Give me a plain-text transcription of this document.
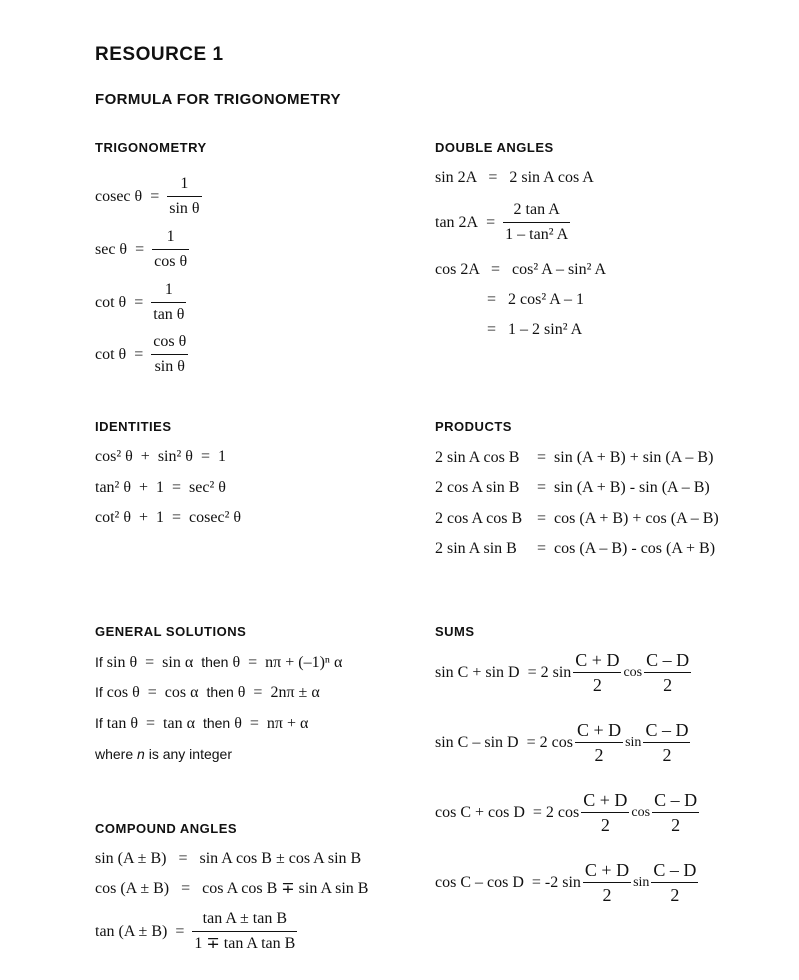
RESOURCE 1
FORMULA FOR TRIGONOMETRY
TRIGONOMETRY
cosec $\theta = \frac{1}{\text{sin θ}}$
$\sec \theta = \frac{1}{\text{cos θ}}$
$\cot \theta = \frac{1}{\text{tan θ}}$
$\cot \theta = \frac{\text{cos θ}}{\text{sin θ}}$
DOUBLE ANGLES
sin 2A = 2 sin A cos A
$\tan 2A = \frac{\text{2 tan A}}{\text{1 – tan² A}}$
cos 2A = cos² A – sin² A
= 2 cos² A – 1
= 1 – 2 sin² A
IDENTITIES
cos² θ  +  sin² θ  =  1
tan² θ  +  1  =  sec² θ
cot² θ  +  1  =  cosec² θ
PRODUCTS
2 sin A cos B = sin (A + B) + sin (A – B)
2 cos A sin B = sin (A + B) - sin (A – B)
2 cos A cos B = cos (A + B) + cos (A – B)
2 sin A sin B = cos (A – B) - cos (A + B)
GENERAL SOLUTIONS
If sin θ  =  sin α then θ  =  nπ + (–1)ⁿ α
If cos θ  =  cos α then θ  =  2nπ ± α
If tan θ  =  tan α then θ  =  nπ + α
where n is any integer
COMPOUND ANGLES
sin (A ± B) = sin A cos B ± cos A sin B
cos (A ± B) = cos A cos B ∓ sin A sin B
$\tan (A \pm B) = \frac{\text{tan A ± tan B}}{\text{1 ∓ tan A tan B}}$
SUMS
sin C + sin D = 2 $\sin \frac{C + D}{2}$ $\cos \frac{C - D}{2}$
sin C – sin D = 2 $\cos \frac{C + D}{2}$ $\sin \frac{C - D}{2}$
cos C + cos D = 2 $\cos \frac{C + D}{2}$ $\cos \frac{C - D}{2}$
cos C – cos D = -2 $\sin \frac{C + D}{2}$ $\sin \frac{C - D}{2}$
